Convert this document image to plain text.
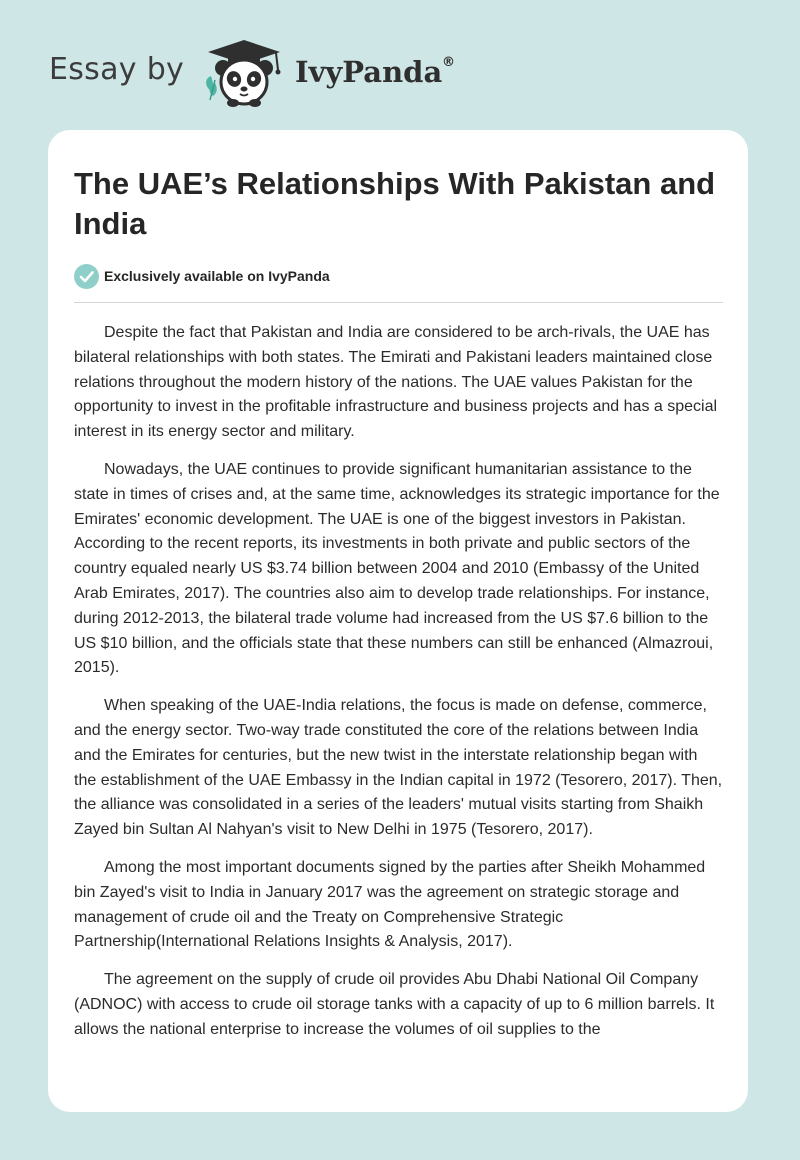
Essay by	IvyPanda ®
The UAE’s Relationships With Pakistan and India
Exclusively available on IvyPanda

Despite the fact that Pakistan and India are considered to be arch-rivals, the UAE has bilateral relationships with both states. The Emirati and Pakistani leaders maintained close relations throughout the modern history of the nations. The UAE values Pakistan for the opportunity to invest in the profitable infrastructure and business projects and has a special interest in its energy sector and military.

Nowadays, the UAE continues to provide significant humanitarian assistance to the state in times of crises and, at the same time, acknowledges its strategic importance for the Emirates' economic development. The UAE is one of the biggest investors in Pakistan. According to the recent reports, its investments in both private and public sectors of the country equaled nearly US $3.74 billion between 2004 and 2010 (Embassy of the United Arab Emirates, 2017). The countries also aim to develop trade relationships. For instance, during 2012-2013, the bilateral trade volume had increased from the US $7.6 billion to the US $10 billion, and the officials state that these numbers can still be enhanced (Almazroui, 2015).

When speaking of the UAE-India relations, the focus is made on defense, commerce, and the energy sector. Two-way trade constituted the core of the relations between India and the Emirates for centuries, but the new twist in the interstate relationship began with the establishment of the UAE Embassy in the Indian capital in 1972 (Tesorero, 2017). Then, the alliance was consolidated in a series of the leaders' mutual visits starting from Shaikh Zayed bin Sultan Al Nahyan's visit to New Delhi in 1975 (Tesorero, 2017).

Among the most important documents signed by the parties after Sheikh Mohammed bin Zayed's visit to India in January 2017 was the agreement on strategic storage and management of crude oil and the Treaty on Comprehensive Strategic Partnership(International Relations Insights & Analysis, 2017).

The agreement on the supply of crude oil provides Abu Dhabi National Oil Company (ADNOC) with access to crude oil storage tanks with a capacity of up to 6 million barrels. It allows the national enterprise to increase the volumes of oil supplies to the
